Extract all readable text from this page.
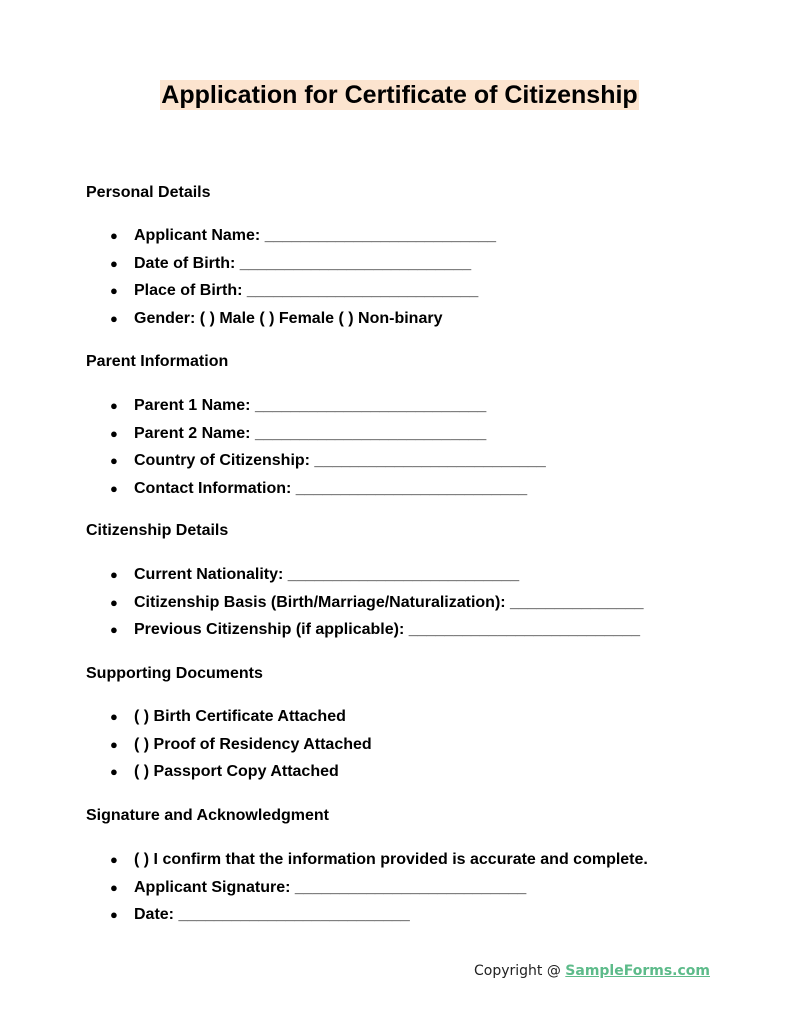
Application for Certificate of Citizenship
Personal Details
● Applicant Name: __________________________
● Date of Birth: __________________________
● Place of Birth: __________________________
● Gender: ( ) Male ( ) Female ( ) Non-binary
Parent Information
● Parent 1 Name: __________________________
● Parent 2 Name: __________________________
● Country of Citizenship: __________________________
● Contact Information: __________________________
Citizenship Details
● Current Nationality: __________________________
● Citizenship Basis (Birth/Marriage/Naturalization): _______________
● Previous Citizenship (if applicable): __________________________
Supporting Documents
● ( ) Birth Certificate Attached
● ( ) Proof of Residency Attached
● ( ) Passport Copy Attached
Signature and Acknowledgment
● ( ) I confirm that the information provided is accurate and complete.
● Applicant Signature: __________________________
● Date: __________________________
Copyright @ SampleForms.com
